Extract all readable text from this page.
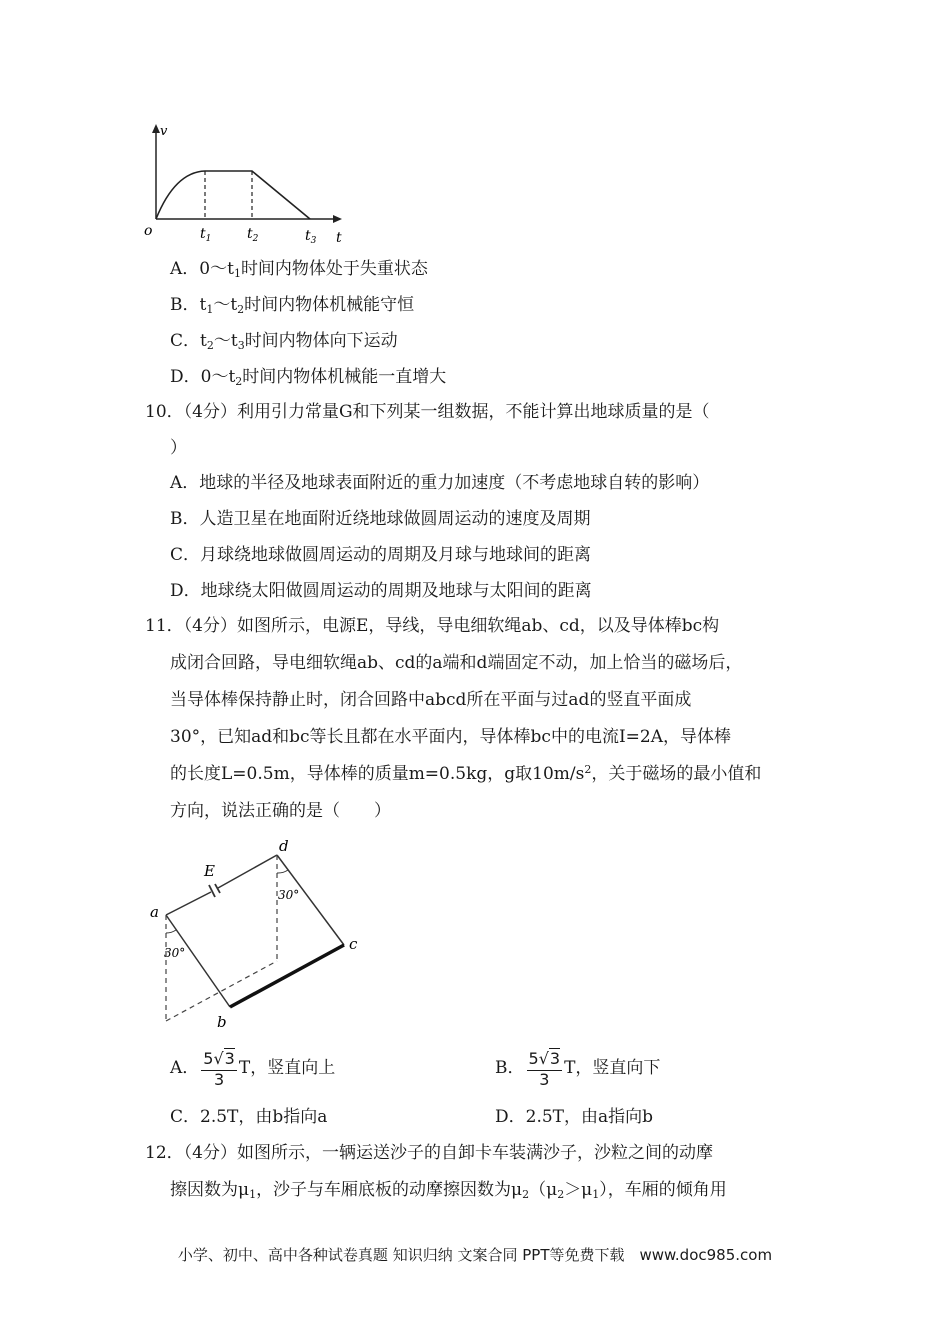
v
o	$t_1$	$t_2$	$t_3$ t
A．$0\sim t_1$时间内物体处于失重状态
B．$t_1\sim t_2$时间内物体机械能守恒
C．$t_2\sim t_3$时间内物体向下运动
D．$0\sim t_2$时间内物体机械能一直增大
10．（4分）利用引力常量G和下列某一组数据，不能计算出地球质量的是（
）
A．地球的半径及地球表面附近的重力加速度（不考虑地球自转的影响）
B．人造卫星在地面附近绕地球做圆周运动的速度及周期
C．月球绕地球做圆周运动的周期及月球与地球间的距离
D．地球绕太阳做圆周运动的周期及地球与太阳间的距离
11．（4分）如图所示，电源E，导线，导电细软绳ab、cd，以及导体棒bc构
成闭合回路，导电细软绳ab、cd的a端和d端固定不动，加上恰当的磁场后，
当导体棒保持静止时，闭合回路中abcd所在平面与过ad的竖直平面成
30°，已知ad和bc等长且都在水平面内，导体棒bc中的电流I=2A，导体棒
的长度L=0.5m，导体棒的质量m=0.5kg，g取$10m/s^2$，关于磁场的最小值和
方向，说法正确的是（　　）
a
b
c
d
E
30°
30°
A． $\frac{5√3}{3}$ T，竖直向上	B． $\frac{5√3}{3}$ T，竖直向下
C．2.5T，由b指向a	D．2.5T，由a指向b
12．（4分）如图所示，一辆运送沙子的自卸卡车装满沙子，沙粒之间的动摩
擦因数为$\mu_1$，沙子与车厢底板的动摩擦因数为$\mu_2(\mu_2>\mu_1)$，车厢的倾角用
小学、初中、高中各种试卷真题 知识归纳 文案合同 PPT等免费下载　www.doc985.com
